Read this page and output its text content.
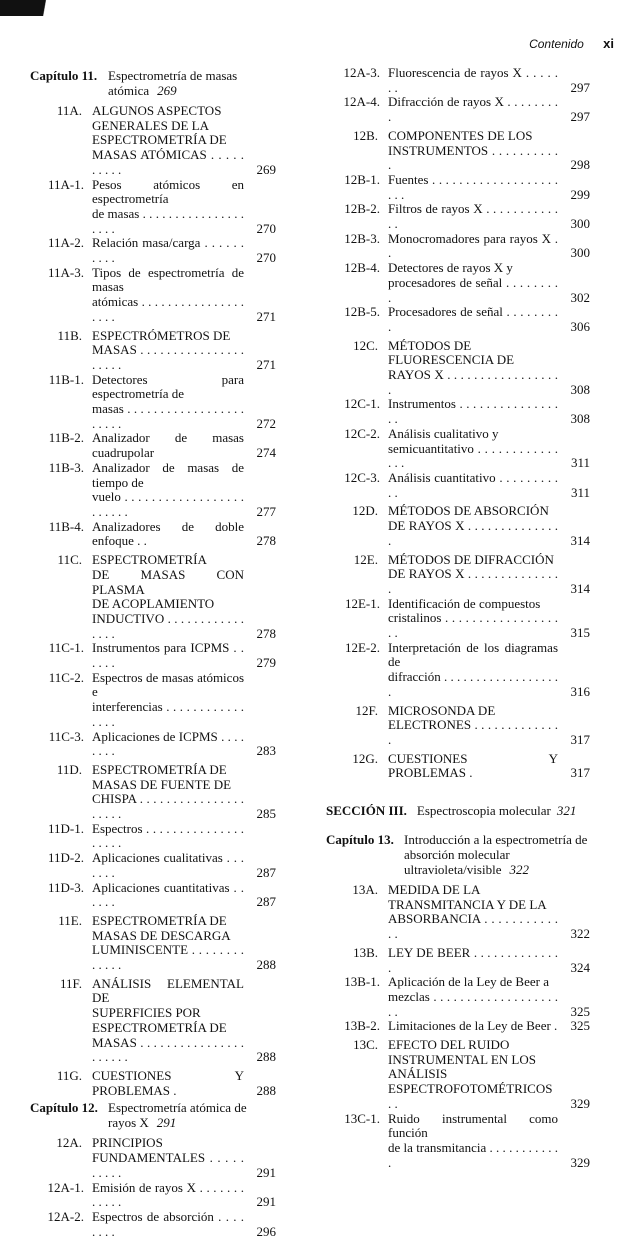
Contenido xi
Capítulo 11. Espectrometría de masas
atómica 269
11A. ALGUNOS ASPECTOS
GENERALES DE LA
ESPECTROMETRÍA DE
MASAS ATÓMICAS . . . . . . . . . .	269
11A-1. Pesos atómicos en espectrometría
de masas . . . . . . . . . . . . . . . . . . . .	270
11A-2. Relación masa/carga . . . . . . . . . .	270
11A-3. Tipos de espectrometría de masas
atómicas . . . . . . . . . . . . . . . . . . . .	271
11B. ESPECTRÓMETROS DE
MASAS . . . . . . . . . . . . . . . . . . . . .	271
11B-1. Detectores para espectrometría de
masas . . . . . . . . . . . . . . . . . . . . . . .	272
11B-2. Analizador de masas cuadrupolar	274
11B-3. Analizador de masas de tiempo de
vuelo . . . . . . . . . . . . . . . . . . . . . . . .	277
11B-4. Analizadores de doble enfoque . .	278
11C. ESPECTROMETRÍA
DE MASAS CON PLASMA
DE ACOPLAMIENTO
INDUCTIVO . . . . . . . . . . . . . . . .	278
11C-1. Instrumentos para ICPMS . . . . . .	279
11C-2. Espectros de masas atómicos e
interferencias . . . . . . . . . . . . . . . .
11C-3. Aplicaciones de ICPMS . . . . . . . .	283
11D. ESPECTROMETRÍA DE
MASAS DE FUENTE DE
CHISPA . . . . . . . . . . . . . . . . . . . . .	285
11D-1. Espectros . . . . . . . . . . . . . . . . . . . .
11D-2. Aplicaciones cualitativas . . . . . . .	287
11D-3. Aplicaciones cuantitativas . . . . . .	287
11E. ESPECTROMETRÍA DE
MASAS DE DESCARGA
LUMINISCENTE . . . . . . . . . . . . .	288
11F. ANÁLISIS ELEMENTAL DE
SUPERFICIES POR
ESPECTROMETRÍA DE
MASAS . . . . . . . . . . . . . . . . . . . . . .	288
11G. CUESTIONES Y PROBLEMAS .	288
Capítulo 12. Espectrometría atómica de
rayos X 291
12A. PRINCIPIOS
FUNDAMENTALES . . . . . . . . . .	291
12A-1. Emisión de rayos X . . . . . . . . . . . .	291
12A-2. Espectros de absorción . . . . . . . .	296
12A-3. Fluorescencia de rayos X . . . . . . .	297
12A-4. Difracción de rayos X . . . . . . . . .	297
12B. COMPONENTES DE LOS
INSTRUMENTOS . . . . . . . . . . .	298
12B-1. Fuentes . . . . . . . . . . . . . . . . . . . . . .	299
12B-2. Filtros de rayos X . . . . . . . . . . . . .	300
12B-3. Monocromadores para rayos X . .	300
12B-4. Detectores de rayos X y
procesadores de señal . . . . . . . . .	302
12B-5. Procesadores de señal . . . . . . . . .	306
12C. MÉTODOS DE
FLUORESCENCIA DE
RAYOS X . . . . . . . . . . . . . . . . . .	308
12C-1. Instrumentos . . . . . . . . . . . . . . . . .	308
12C-2. Análisis cualitativo y
semicuantitativo . . . . . . . . . . . . . . .	311
12C-3. Análisis cuantitativo . . . . . . . . . . .	311
12D. MÉTODOS DE ABSORCIÓN
DE RAYOS X . . . . . . . . . . . . . . .	314
12E. MÉTODOS DE DIFRACCIÓN
DE RAYOS X . . . . . . . . . . . . . . .	314
12E-1. Identificación de compuestos
cristalinos . . . . . . . . . . . . . . . . . . .	315
12E-2. Interpretación de los diagramas de
difracción . . . . . . . . . . . . . . . . . . .	316
12F. MICROSONDA DE
ELECTRONES . . . . . . . . . . . . . .	317
12G. CUESTIONES Y PROBLEMAS .	317
SECCIÓN III. Espectroscopia molecular 321
Capítulo 13. Introducción a la espectrometría de
absorción molecular
ultravioleta/visible 322
13A. MEDIDA DE LA
TRANSMITANCIA Y DE LA
ABSORBANCIA . . . . . . . . . . . . .	322
13B. LEY DE BEER . . . . . . . . . . . . . .	324
13B-1. Aplicación de la Ley de Beer a
mezclas . . . . . . . . . . . . . . . . . . . . .	325
13B-2. Limitaciones de la Ley de Beer .	325
13C. EFECTO DEL RUIDO
INSTRUMENTAL EN LOS
ANÁLISIS
ESPECTROFOTOMÉTRICOS . .	329
13C-1. Ruido instrumental como función
de la transmitancia . . . . . . . . . . . .	329
